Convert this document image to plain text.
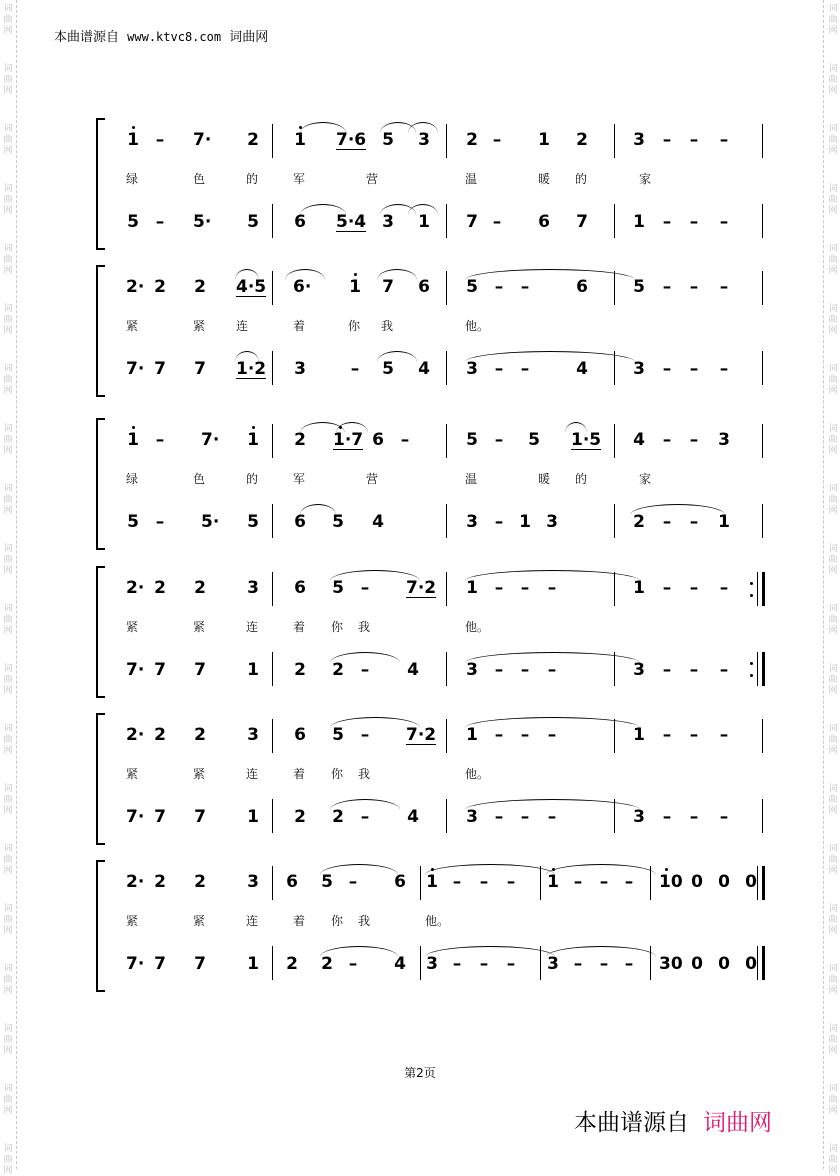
词
曲
网
词
曲
网
词
曲
网
词
曲
网
词
曲
网
词
曲
网
词
曲
网
词
曲
网
词
曲
网
词
曲
网
词
曲
网
词
曲
网
词
曲
网
词
曲
网
词
曲
网
词
曲
网
词
曲
网
词
曲
网
词
曲
网
词
曲
网
词
曲
网
词
曲
网
词
曲
网
词
曲
网
词
曲
网
词
曲
网
词
曲
网
词
曲
网
词
曲
网
词
曲
网
词
曲
网
词
曲
网
词
曲
网
词
曲
网
词
曲
网
词
曲
网
词
曲
网
词
曲
网
词
曲
网
词
曲
网
本曲谱源自 www.ktvc8.com 词曲网
1 – 7· 2 1 7·6 5 3 2 – 1 2	3 – – –
5 – 5· 5 6 5·4 3 1 7 – 6 7	1 – – –
绿	色	的	军	营	温	暖 的	家
2· 2 2 4·5 6· 1 7 6 5 – –	6	5 – – –
7· 7 7 1·2 3	– 5 4 3 – –	4	3 – – –
紧	紧	连	着	你 我	他。
1 – 7· 1 2 1·7 6 –	5 – 5 1·5 4 – – 3
5 – 5· 5 6 5 4	3 – 1 3	2 – – 1
绿	色	的	军	营	温	暖 的	家
2· 2 2 3 6 5 – 7·2 1 – – –	1 – – –
7· 7 7 1 2 2 – 4	3 – – –	3 – – –
紧	紧	连	着 你 我	他。
2· 2 2 3 6 5 – 7·2 1 – – –	1 – – –
7· 7 7 1 2 2 – 4	3 – – –	3 – – –
紧	紧	连	着 你 我	他。
2· 2 2 3 6 5 – 6 1 – – – 1 – – – 10 0 0 0
7· 7 7 1 2 2 – 4 3 – – – 3 – – – 30 0 0 0
紧	紧	连	着 你 我	他。
第2页
本曲谱源自 词曲网
